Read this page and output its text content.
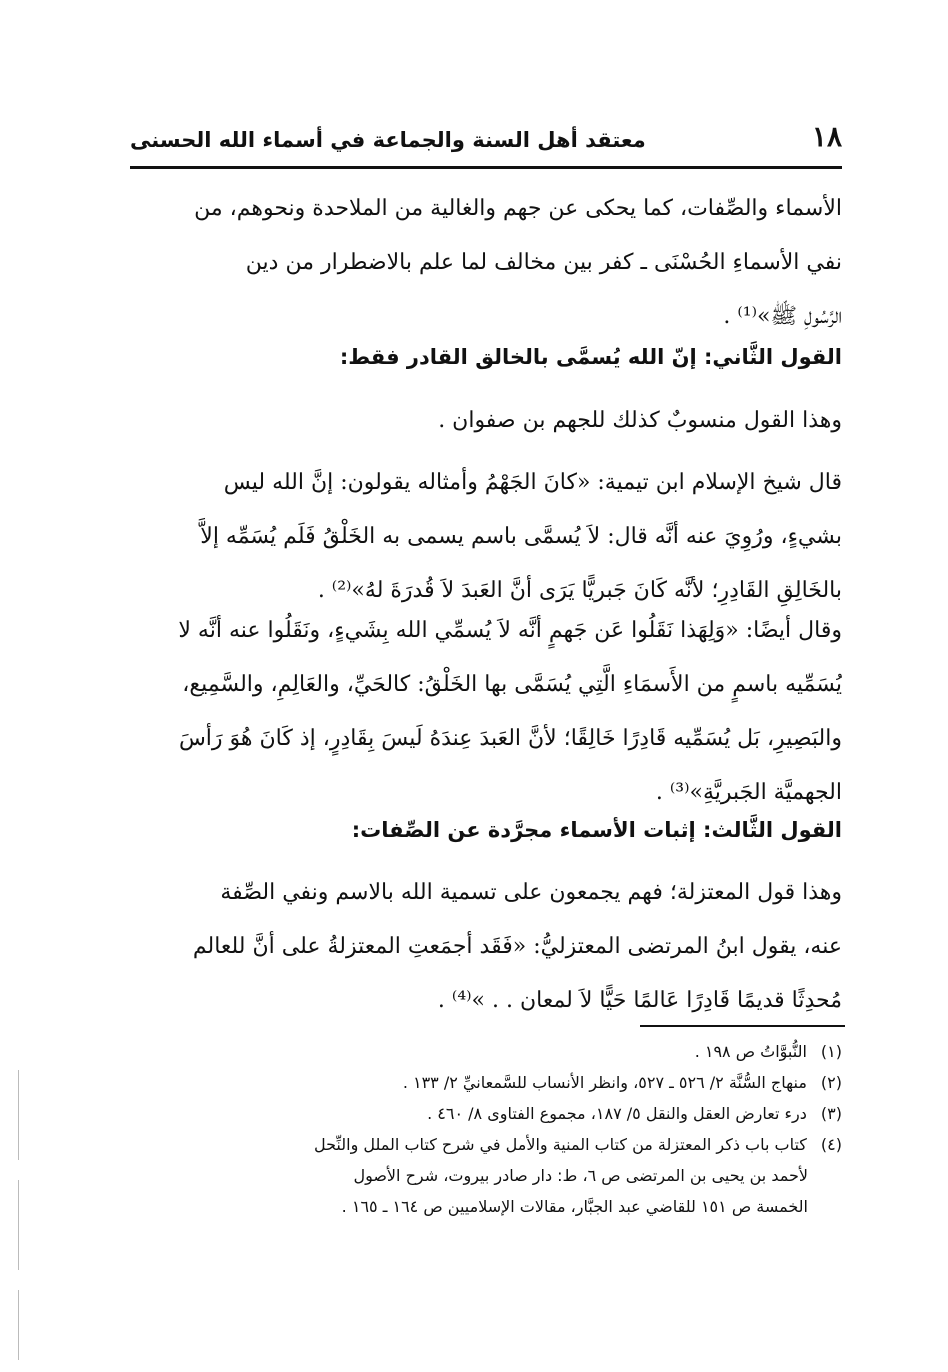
١٨
معتقد أهل السنة والجماعة في أسماء الله الحسنى
الأسماء والصِّفات، كما يحكى عن جهم والغالية من الملاحدة ونحوهم، من
نفي الأسماءِ الحُسْنَى ـ كفر بين مخالف لما علم بالاضطرار من دين
الرَّسُولِ ﷺ»⁽¹⁾ .
القول الثَّاني: إنّ الله يُسمَّى بالخالق القادر فقط:
وهذا القول منسوبٌ كذلك للجهم بن صفوان .
قال شيخ الإسلام ابن تيمية: «كانَ الجَهْمُ وأمثاله يقولون: إنَّ الله ليس
بشيءٍ، ورُوِيَ عنه أنَّه قال: لاَ يُسمَّى باسم يسمى به الخَلْقُ فَلَم يُسَمِّه إلاَّ
بالخَالِقِ القَادِرِ؛ لأنَّه كَانَ جَبريًّا يَرَى أنَّ العَبدَ لاَ قُدرَةَ لهُ»⁽²⁾ .
وقال أيضًا: «وَلِهَذا نَقَلُوا عَن جَهمٍ أنَّه لاَ يُسمِّي الله بِشَيءٍ، ونَقَلُوا عنه أنَّه لا
يُسَمِّيه باسمٍ من الأَسمَاءِ الَّتِي يُسَمَّى بها الخَلْقُ: كالحَيِّ، والعَالِمِ، والسَّمِيع،
والبَصِيرِ، بَل يُسَمِّيه قَادِرًا خَالِقًا؛ لأنَّ العَبدَ عِندَهُ لَيسَ بِقَادِرٍ، إذ كَانَ هُوَ رَأسَ
الجهميَّة الجَبريَّةِ»⁽³⁾ .
القول الثَّالث: إثبات الأسماء مجرَّدة عن الصِّفات:
وهذا قول المعتزلة؛ فهم يجمعون على تسمية الله بالاسم ونفي الصِّفة
عنه، يقول ابنُ المرتضى المعتزليُّ: «فَقَد أجمَعتِ المعتزلةُ على أنَّ للعالم
مُحدِثًا قديمًا قَادِرًا عَالمًا حَيًّا لاَ لمعان . . »⁽⁴⁾ .
(١) النُّبوَّاتُ ص ١٩٨ .
(٢) منهاج السُّنَّة ٢/ ٥٢٦ ـ ٥٢٧، وانظر الأنساب للسَّمعانيِّ ٢/ ١٣٣ .
(٣) درء تعارض العقل والنقل ٥/ ١٨٧، مجموع الفتاوى ٨/ ٤٦٠ .
(٤) كتاب باب ذكر المعتزلة من كتاب المنية والأمل في شرح كتاب الملل والنِّحل
لأحمد بن يحيى بن المرتضى ص ٦، ط: دار صادر بيروت، شرح الأصول
الخمسة ص ١٥١ للقاضي عبد الجبَّار، مقالات الإسلاميين ص ١٦٤ ـ ١٦٥ .
